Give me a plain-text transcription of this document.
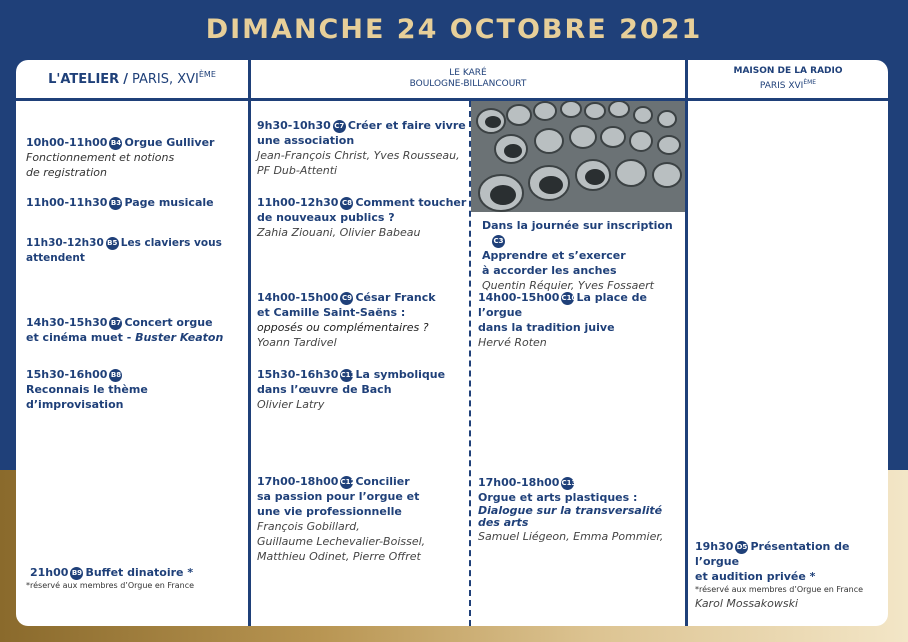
DIMANCHE 24 OCTOBRE 2021
L'ATELIER / PARIS, XVIÈME	LE KARÉ
BOULOGNE-BILLANCOURT
MAISON DE LA RADIO
PARIS XVIÈME
10h00-11h00 B4 Orgue Gulliver
Fonctionnement et notions
de registration
11h00-11h30 B3 Page musicale
11h30-12h30 B5 Les claviers vous attendent
14h30-15h30 B7 Concert orgue
et cinéma muet - Buster Keaton
15h30-16h00 B8
Reconnais le thème d’improvisation
21h00 B9 Buffet dinatoire *
*réservé aux membres d’Orgue en France
9h30-10h30 C7 Créer et faire vivre
une association
Jean-François Christ, Yves Rousseau,
PF Dub-Attenti
11h00-12h30 C8 Comment toucher
de nouveaux publics ?
Zahia Ziouani, Olivier Babeau
14h00-15h00 C9 César Franck
et Camille Saint-Saëns :
opposés ou complémentaires ?
Yoann Tardivel
15h30-16h30 C11La symbolique
dans l’œuvre de Bach
Olivier Latry
17h00-18h00 C12Concilier
sa passion pour l’orgue et
une vie professionnelle
François Gobillard,
Guillaume Lechevalier-Boissel,
Matthieu Odinet, Pierre Offret
Dans la journée sur inscriptionC3
Apprendre et s’exercer
à accorder les anches
Quentin Réquier, Yves Fossaert
14h00-15h00 C10La place de l’orgue
dans la tradition juive
Hervé Roten
17h00-18h00 C13
Orgue et arts plastiques :
Dialogue sur la transversalité
des arts
Samuel Liégeon, Emma Pommier,
19h30 D5 Présentation de l’orgue
et audition privée *
*réservé aux membres d’Orgue en France
Karol Mossakowski
